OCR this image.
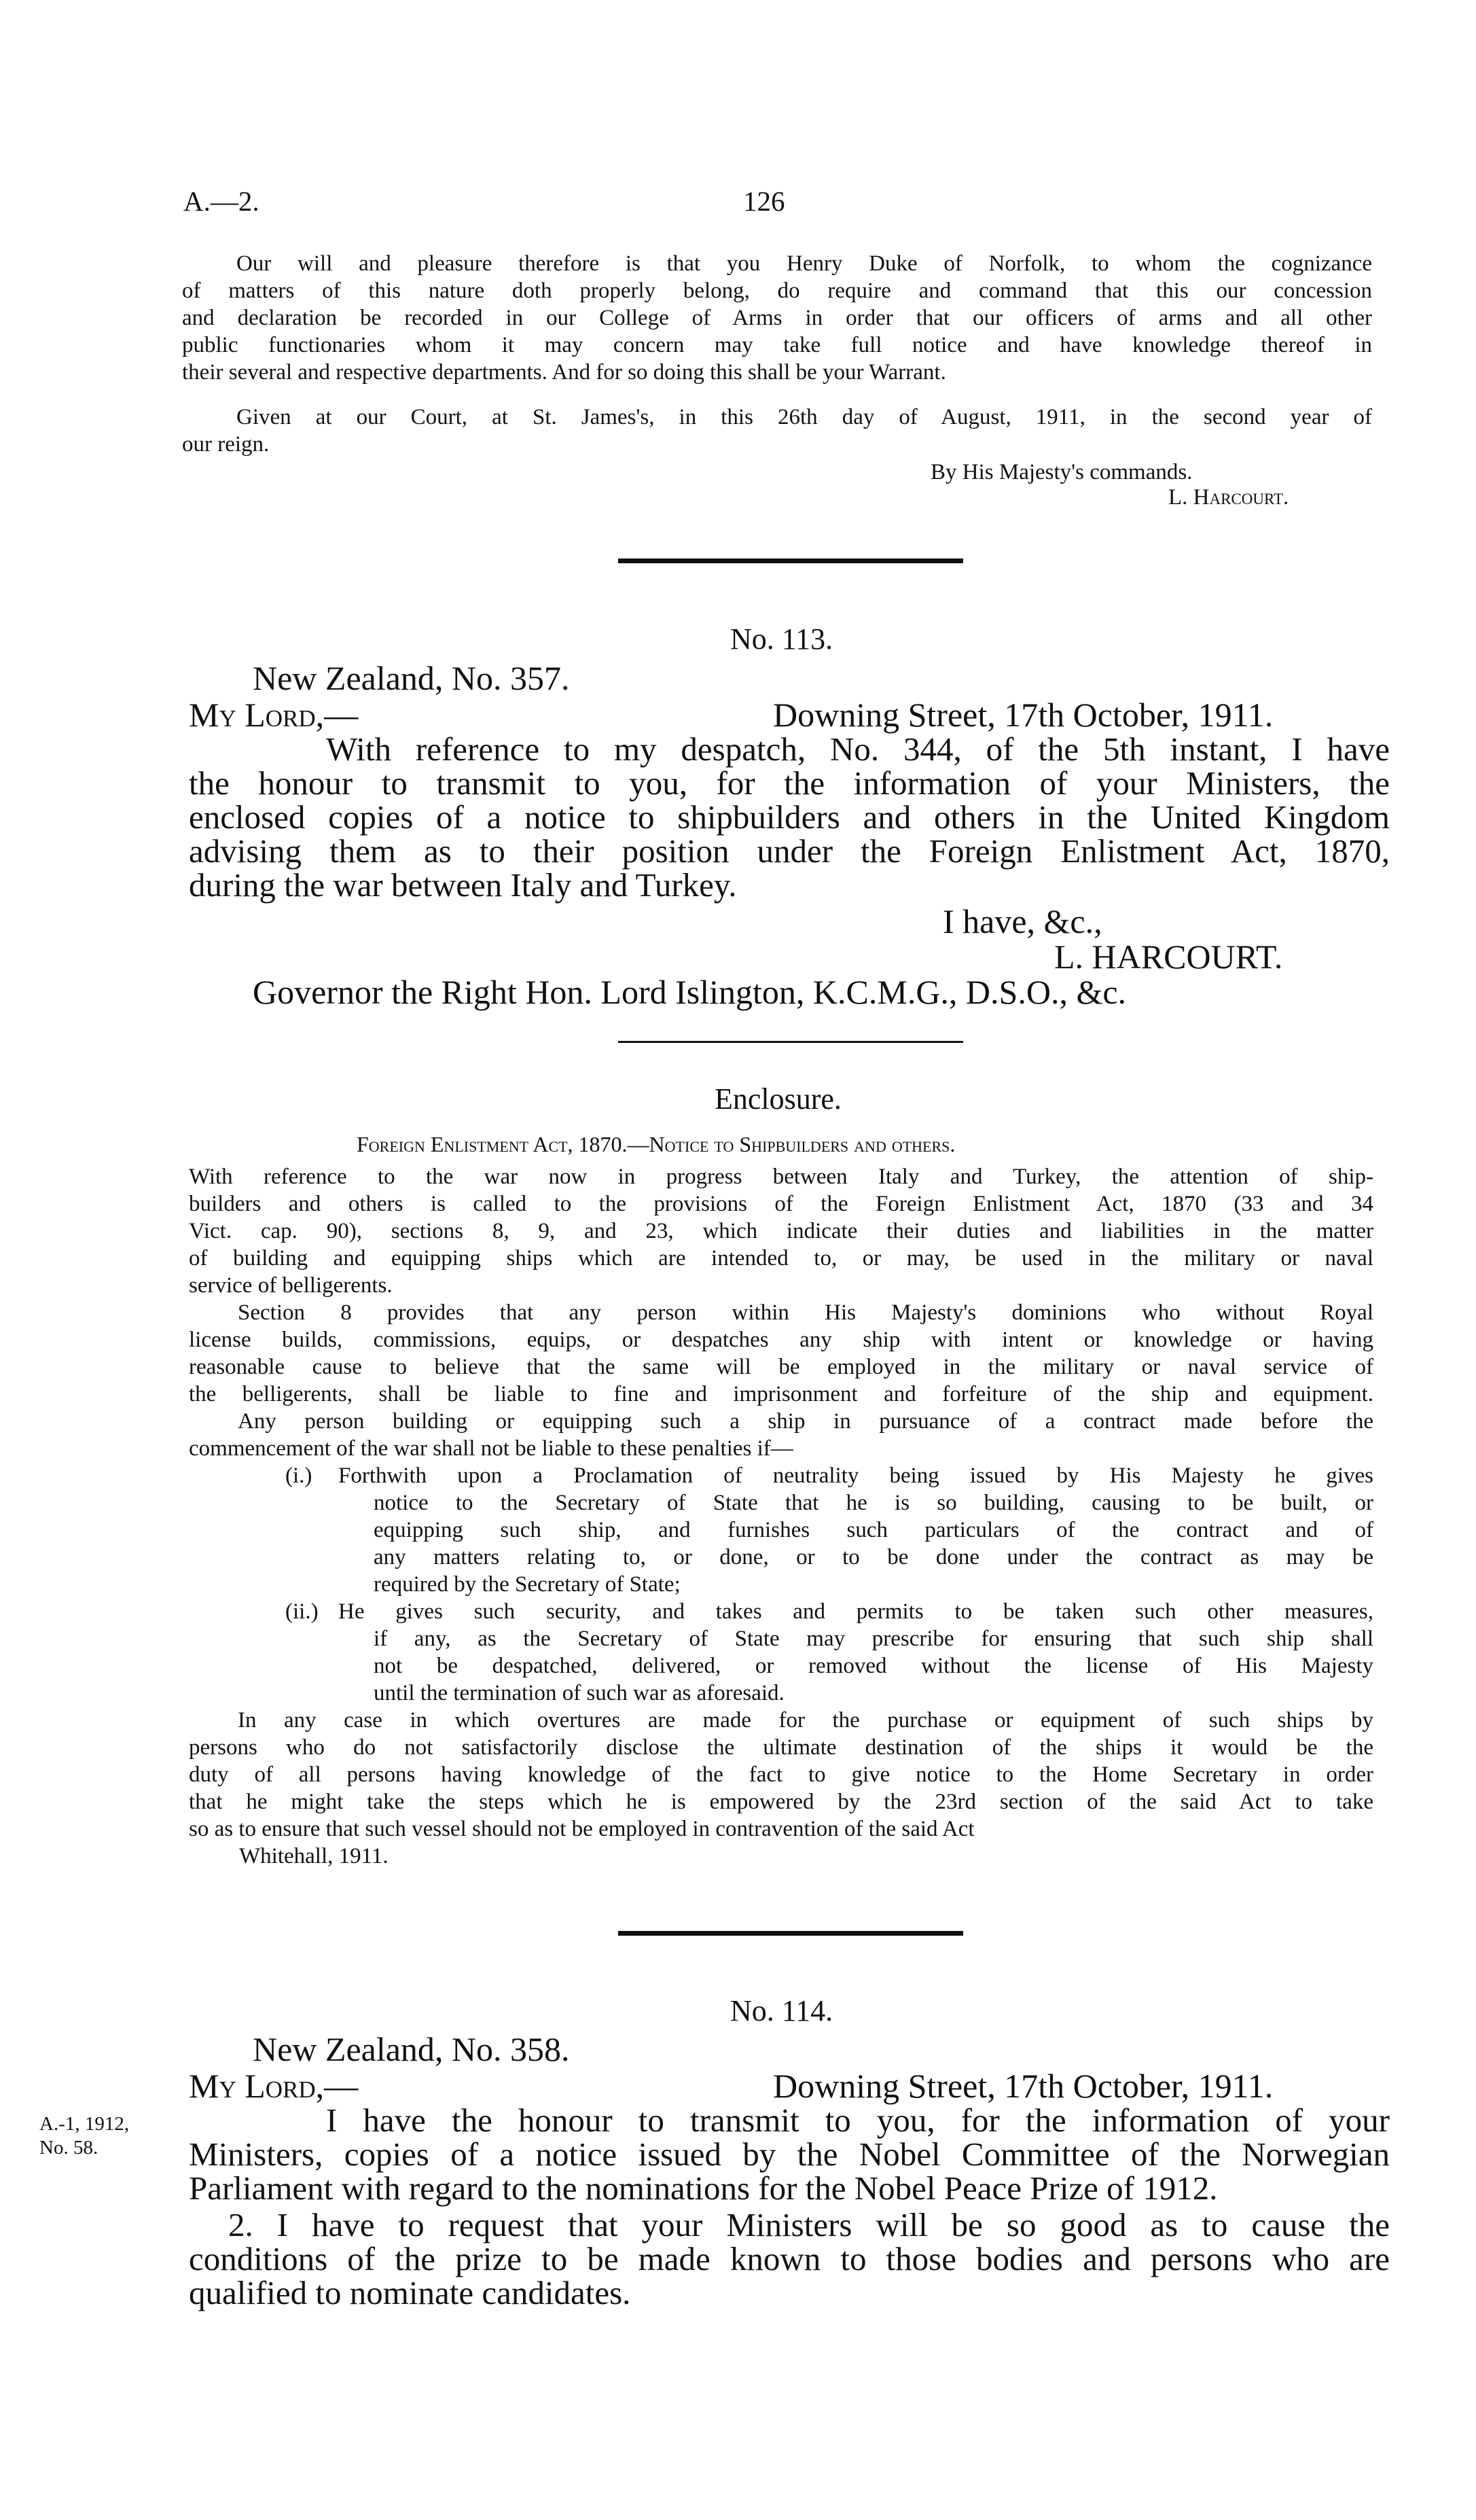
A.—2.	126
Our will and pleasure therefore is that you Henry Duke of Norfolk, to whom the cognizance
of matters of this nature doth properly belong, do require and command that this our concession
and declaration be recorded in our College of Arms in order that our officers of arms and all other
public functionaries whom it may concern may take full notice and have knowledge thereof in
their several and respective departments. And for so doing this shall be your Warrant.
Given at our Court, at St. James's, in this 26th day of August, 1911, in the second year of
our reign.
By His Majesty's commands.
L. Harcourt.
No. 113.
New Zealand, No. 357.
My Lord,—	Downing Street, 17th October, 1911.
With reference to my despatch, No. 344, of the 5th instant, I have
the honour to transmit to you, for the information of your Ministers, the
enclosed copies of a notice to shipbuilders and others in the United Kingdom
advising them as to their position under the Foreign Enlistment Act, 1870,
during the war between Italy and Turkey.
I have, &c.,
L. HARCOURT.
Governor the Right Hon. Lord Islington, K.C.M.G., D.S.O., &c.
Enclosure.
Foreign Enlistment Act, 1870.—Notice to Shipbuilders and others.
With reference to the war now in progress between Italy and Turkey, the attention of ship-
builders and others is called to the provisions of the Foreign Enlistment Act, 1870 (33 and 34
Vict. cap. 90), sections 8, 9, and 23, which indicate their duties and liabilities in the matter
of building and equipping ships which are intended to, or may, be used in the military or naval
service of belligerents.
Section 8 provides that any person within His Majesty's dominions who without Royal
license builds, commissions, equips, or despatches any ship with intent or knowledge or having
reasonable cause to believe that the same will be employed in the military or naval service of
the belligerents, shall be liable to fine and imprisonment and forfeiture of the ship and equipment.
Any person building or equipping such a ship in pursuance of a contract made before the
commencement of the war shall not be liable to these penalties if—
(i.) Forthwith upon a Proclamation of neutrality being issued by His Majesty he gives
notice to the Secretary of State that he is so building, causing to be built, or
equipping such ship, and furnishes such particulars of the contract and of
any matters relating to, or done, or to be done under the contract as may be
required by the Secretary of State;
(ii.) He gives such security, and takes and permits to be taken such other measures,
if any, as the Secretary of State may prescribe for ensuring that such ship shall
not be despatched, delivered, or removed without the license of His Majesty
until the termination of such war as aforesaid.
In any case in which overtures are made for the purchase or equipment of such ships by
persons who do not satisfactorily disclose the ultimate destination of the ships it would be the
duty of all persons having knowledge of the fact to give notice to the Home Secretary in order
that he might take the steps which he is empowered by the 23rd section of the said Act to take
so as to ensure that such vessel should not be employed in contravention of the said Act
Whitehall, 1911.
No. 114.
New Zealand, No. 358.
My Lord,—	Downing Street, 17th October, 1911.
A.-1, 1912,
No. 58.
I have the honour to transmit to you, for the information of your
Ministers, copies of a notice issued by the Nobel Committee of the Norwegian
Parliament with regard to the nominations for the Nobel Peace Prize of 1912.
2. I have to request that your Ministers will be so good as to cause the
conditions of the prize to be made known to those bodies and persons who are
qualified to nominate candidates.
